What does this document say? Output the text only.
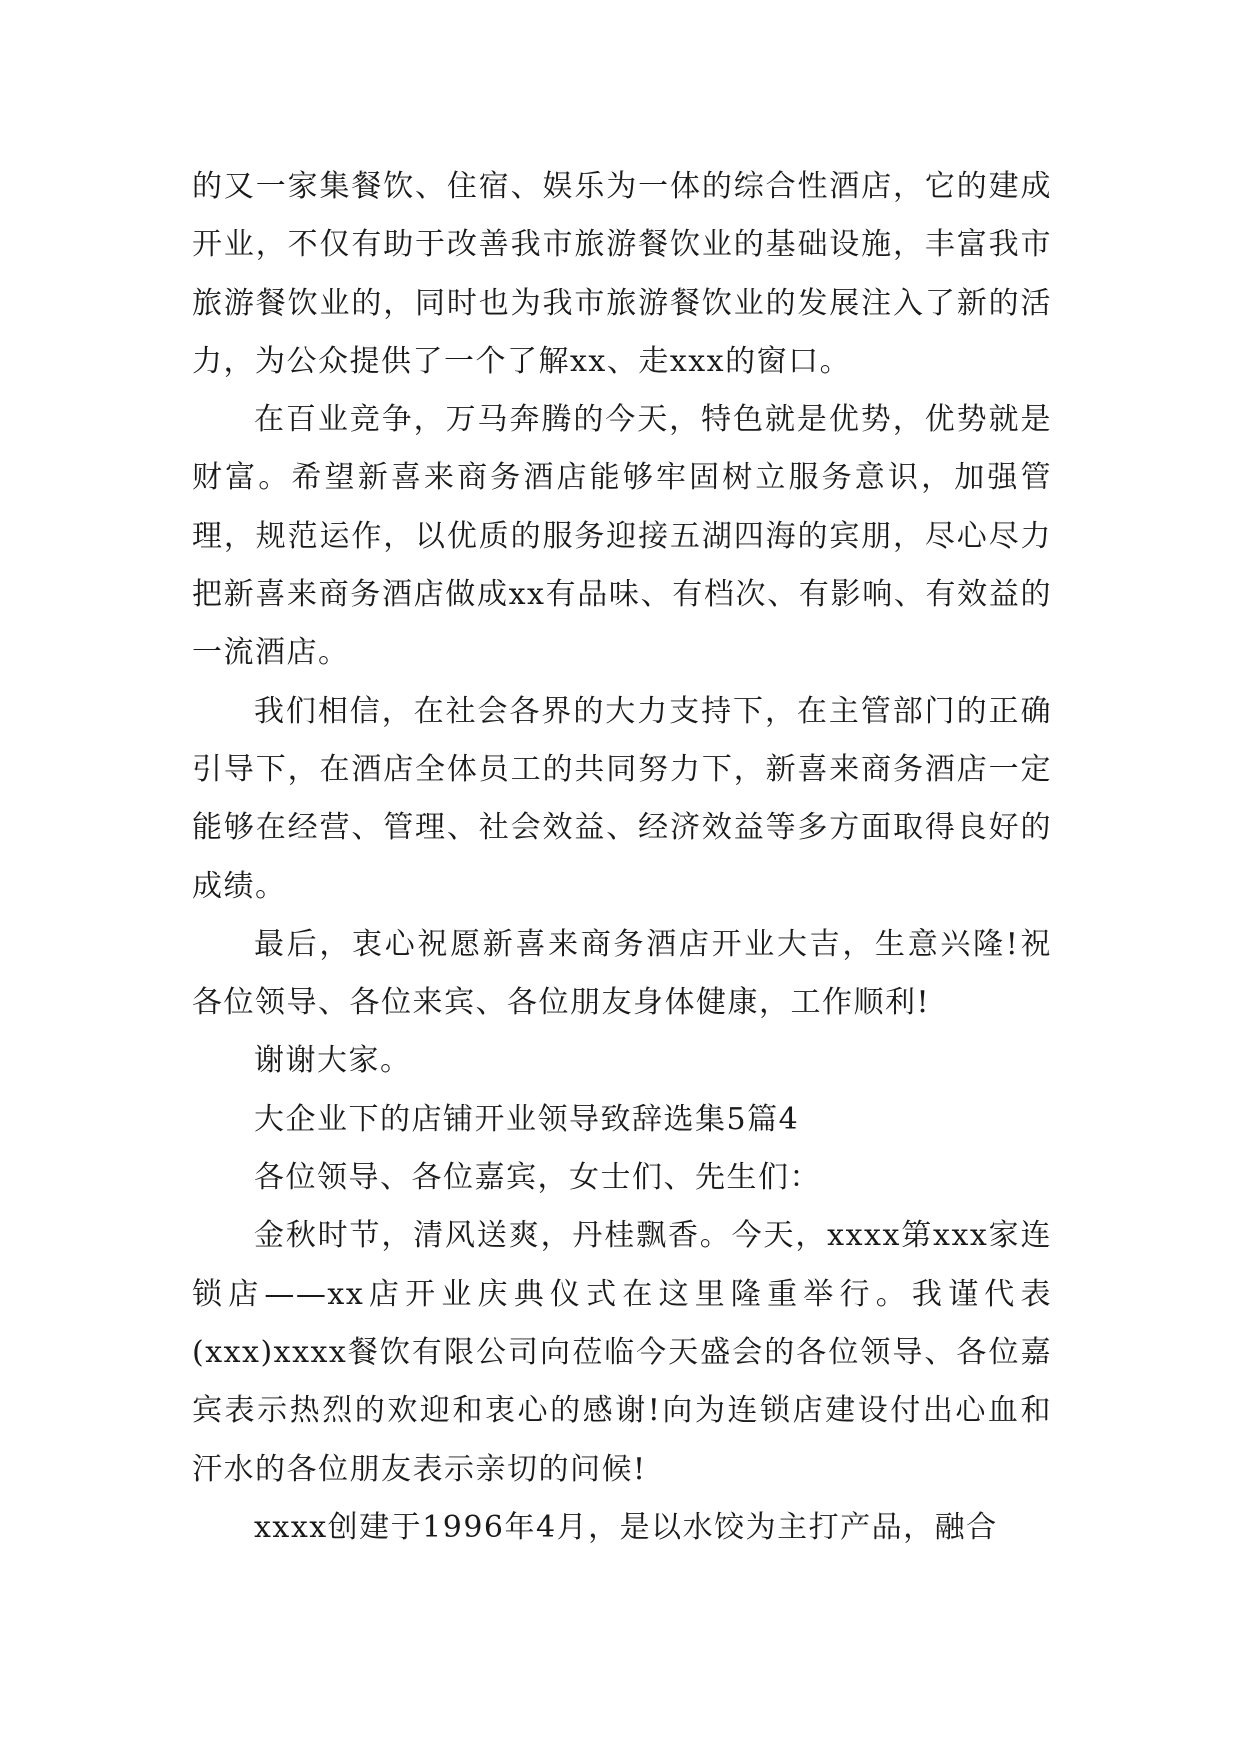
的又一家集餐饮、住宿、娱乐为一体的综合性酒店，它的建成开业，不仅有助于改善我市旅游餐饮业的基础设施，丰富我市旅游餐饮业的，同时也为我市旅游餐饮业的发展注入了新的活力，为公众提供了一个了解xx、走xxx的窗口。

在百业竞争，万马奔腾的今天，特色就是优势，优势就是财富。希望新喜来商务酒店能够牢固树立服务意识，加强管理，规范运作，以优质的服务迎接五湖四海的宾朋，尽心尽力把新喜来商务酒店做成xx有品味、有档次、有影响、有效益的一流酒店。

我们相信，在社会各界的大力支持下，在主管部门的正确引导下，在酒店全体员工的共同努力下，新喜来商务酒店一定能够在经营、管理、社会效益、经济效益等多方面取得良好的成绩。

最后，衷心祝愿新喜来商务酒店开业大吉，生意兴隆!祝各位领导、各位来宾、各位朋友身体健康，工作顺利!

谢谢大家。

大企业下的店铺开业领导致辞选集5篇4

各位领导、各位嘉宾，女士们、先生们：

金秋时节，清风送爽，丹桂飘香。今天，xxxx第xxx家连锁店——xx店开业庆典仪式在这里隆重举行。我谨代表(xxx)xxxx餐饮有限公司向莅临今天盛会的各位领导、各位嘉宾表示热烈的欢迎和衷心的感谢!向为连锁店建设付出心血和汗水的各位朋友表示亲切的问候!

xxxx创建于1996年4月，是以水饺为主打产品，融合
